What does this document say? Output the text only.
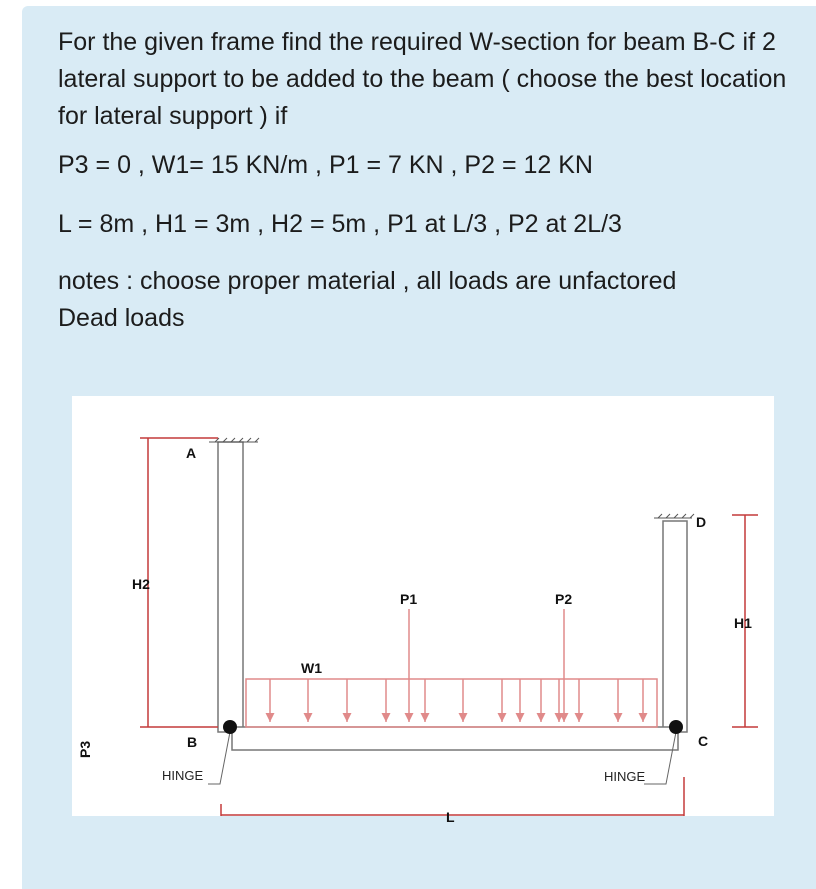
For the given frame find the required W-section for beam B-C if 2 lateral support to be added to the beam ( choose the best location for lateral support ) if

P3 = 0 , W1= 15 KN/m , P1 = 7 KN , P2 = 12 KN

L = 8m , H1 = 3m , H2 = 5m , P1 at L/3 , P2 at 2L/3

notes : choose proper material , all loads are unfactored

Dead loads

A
B	C
D
H2
H1
P1	P2
W1
L
HINGE	HINGE
P3
